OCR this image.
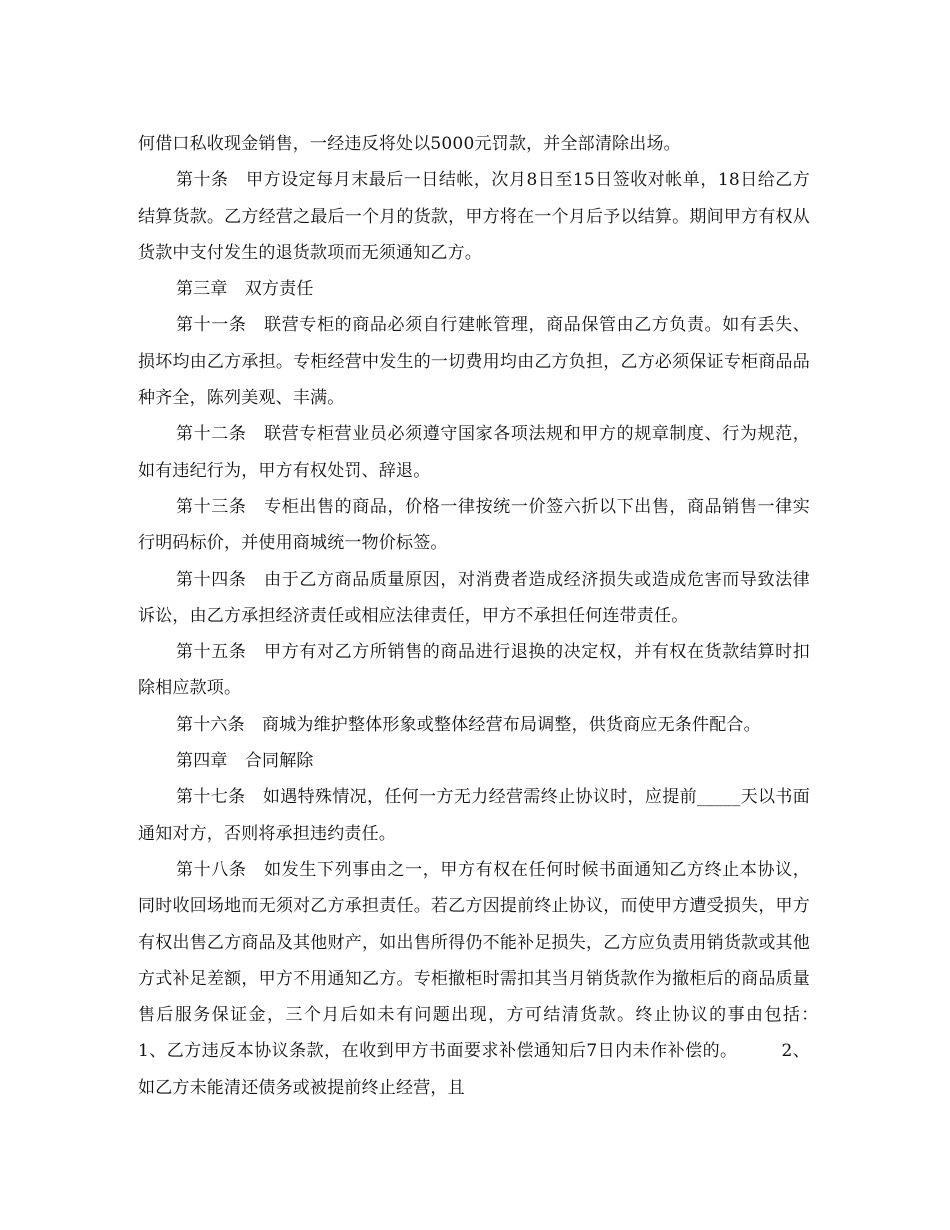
何借口私收现金销售，一经违反将处以5000元罚款，并全部清除出场。

第十条　甲方设定每月末最后一日结帐，次月8日至15日签收对帐单，18日给乙方结算货款。乙方经营之最后一个月的货款，甲方将在一个月后予以结算。期间甲方有权从货款中支付发生的退货款项而无须通知乙方。

第三章　双方责任

第十一条　联营专柜的商品必须自行建帐管理，商品保管由乙方负责。如有丢失、损坏均由乙方承担。专柜经营中发生的一切费用均由乙方负担，乙方必须保证专柜商品品种齐全，陈列美观、丰满。

第十二条　联营专柜营业员必须遵守国家各项法规和甲方的规章制度、行为规范，如有违纪行为，甲方有权处罚、辞退。

第十三条　专柜出售的商品，价格一律按统一价签六折以下出售，商品销售一律实行明码标价，并使用商城统一物价标签。

第十四条　由于乙方商品质量原因，对消费者造成经济损失或造成危害而导致法律诉讼，由乙方承担经济责任或相应法律责任，甲方不承担任何连带责任。

第十五条　甲方有对乙方所销售的商品进行退换的决定权，并有权在货款结算时扣除相应款项。

第十六条　商城为维护整体形象或整体经营布局调整，供货商应无条件配合。

第四章　合同解除

第十七条　如遇特殊情况，任何一方无力经营需终止协议时，应提前_____天以书面通知对方，否则将承担违约责任。

第十八条　如发生下列事由之一，甲方有权在任何时候书面通知乙方终止本协议，同时收回场地而无须对乙方承担责任。若乙方因提前终止协议，而使甲方遭受损失，甲方有权出售乙方商品及其他财产，如出售所得仍不能补足损失，乙方应负责用销货款或其他方式补足差额，甲方不用通知乙方。专柜撤柜时需扣其当月销货款作为撤柜后的商品质量售后服务保证金，三个月后如未有问题出现，方可结清货款。终止协议的事由包括：　　　1、乙方违反本协议条款，在收到甲方书面要求补偿通知后7日内未作补偿的。　　　2、如乙方未能清还债务或被提前终止经营，且
